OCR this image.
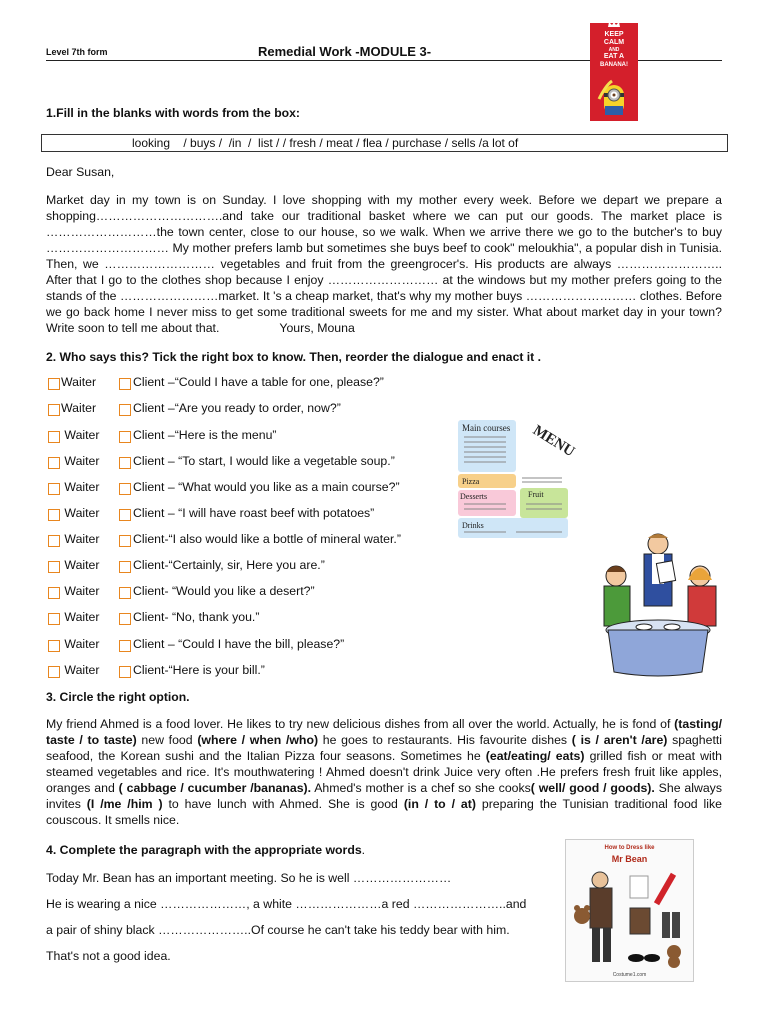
Level 7th form	Remedial Work -MODULE 3-
KEEP
CALM
AND
EAT A
BANANA!
1.Fill in the blanks with words from the box:
looking    / buys /  /in  /  list / / fresh / meat / flea / purchase / sells /a lot of
Dear Susan,
Market day in my town is on Sunday. I love shopping with my mother every week. Before we depart we prepare a shopping………………………….and take our traditional basket where we can put our goods. The market place is ………………………the town center, close to our house, so we walk. When we arrive there we go to the butcher's to buy ………………………… My mother prefers lamb but sometimes she buys beef to cook" meloukhia", a popular dish in Tunisia. Then, we ……………………… vegetables and fruit from the greengrocer's. His products are always …………………….. After that I go to the clothes shop because I enjoy ……………………… at the windows but my mother prefers going to the stands of the ……………………market. It 's a cheap market, that's why my mother buys ……………………… clothes. Before we go back home I never miss to get some traditional sweets for me and my sister. What about market day in your town? Write soon to tell me about that.	Yours, Mouna
2. Who says this? Tick the right box to know. Then, reorder the dialogue and enact it .
Waiter	Client –“Could I have a table for one, please?”
Waiter	Client –“Are you ready to order, now?”
Waiter	Client –“Here is the menu”
Waiter	Client – “To start, I would like a vegetable soup.”
Waiter	Client – “What would you like as a main course?”
Waiter	Client – “I will have roast beef with potatoes”
Waiter	Client-“I also would like a bottle of mineral water.”
Waiter	Client-“Certainly, sir, Here you are.”
Waiter	Client- “Would you like a desert?”
Waiter	Client- “No, thank you.”
Waiter	Client – “Could I have the bill, please?”
Waiter	Client-“Here is your bill.”
Main courses
Pizza
Desserts	Fruit
Drinks
MENU
3. Circle the right option.
My friend Ahmed is a food lover. He likes to try new delicious dishes from all over the world. Actually, he is fond of (tasting/ taste / to taste) new food (where / when /who) he goes to restaurants. His favourite dishes ( is / aren't /are) spaghetti seafood, the Korean sushi and the Italian Pizza four seasons. Sometimes he (eat/eating/ eats) grilled fish or meat with steamed vegetables and rice. It's mouthwatering ! Ahmed doesn't drink Juice very often .He prefers fresh fruit like apples, oranges and ( cabbage / cucumber /bananas). Ahmed's mother is a chef so she cooks( well/ good / goods). She always invites (I /me /him ) to have lunch with Ahmed. She is good (in / to / at) preparing the Tunisian traditional food like couscous. It smells nice.
4. Complete the paragraph with the appropriate words.
Today Mr. Bean has an important meeting. So he is well ……………………
He is wearing a nice …………………, a white …………………a red …………………..and
a pair of shiny black …………………..Of course he can't take his teddy bear with him.
That's not a good idea.
How to Dress like
Mr Bean
Costume1.com
